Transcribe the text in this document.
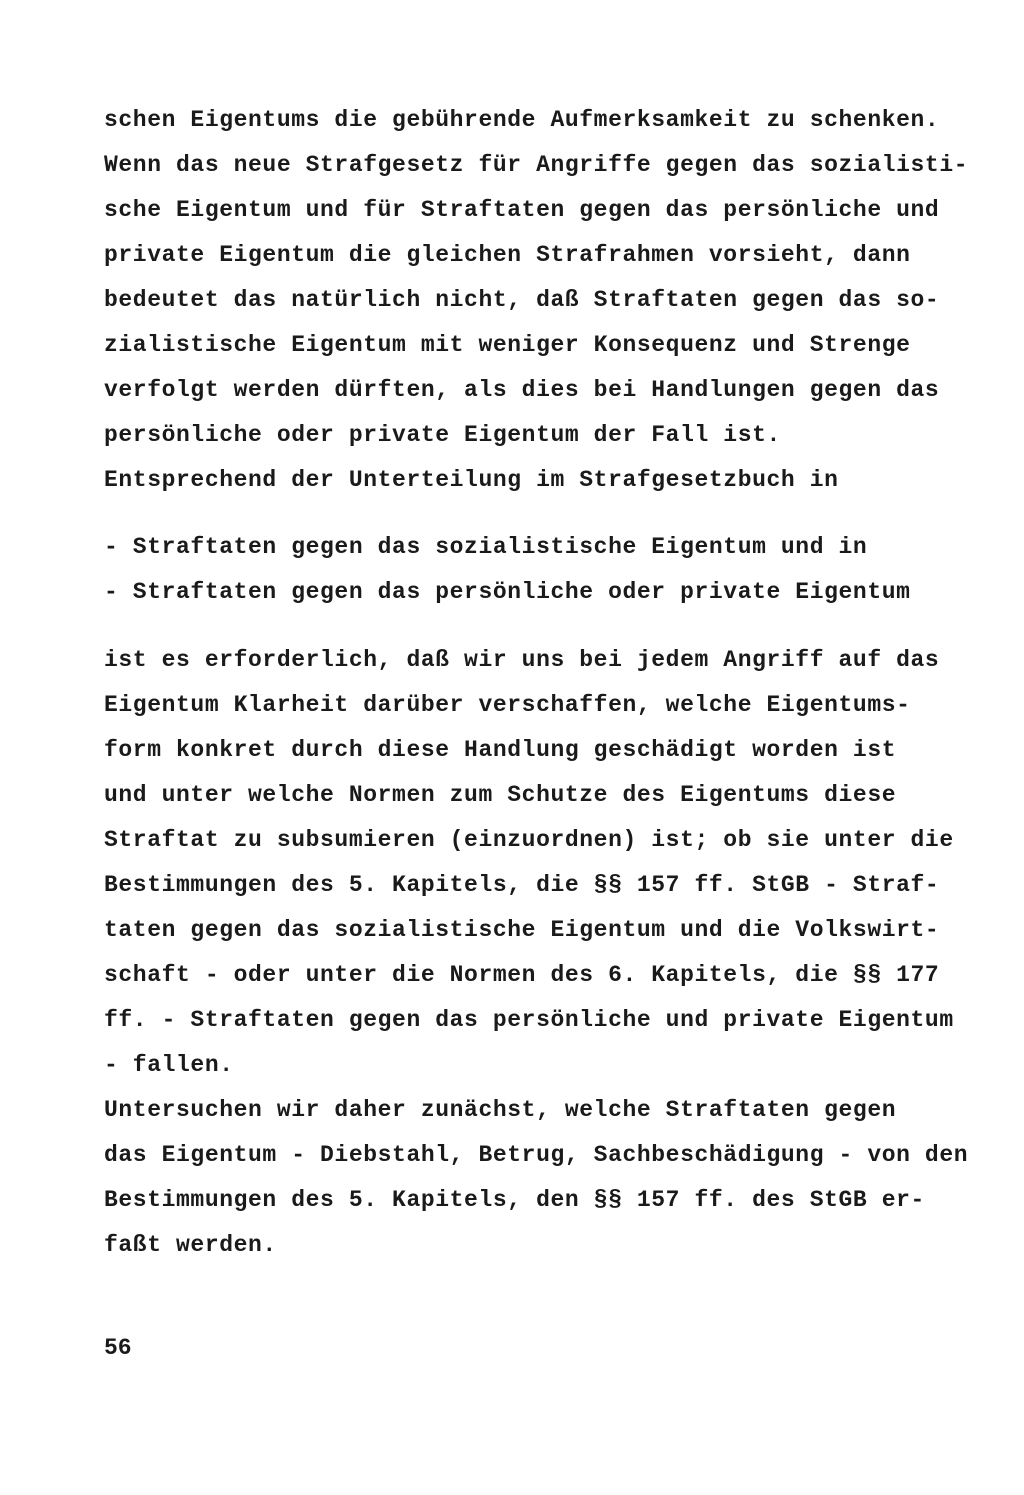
schen Eigentums die gebührende Aufmerksamkeit zu schenken.
Wenn das neue Strafgesetz für Angriffe gegen das sozialisti-
sche Eigentum und für Straftaten gegen das persönliche und
private Eigentum die gleichen Strafrahmen vorsieht, dann
bedeutet das natürlich nicht, daß Straftaten gegen das so-
zialistische Eigentum mit weniger Konsequenz und Strenge
verfolgt werden dürften, als dies bei Handlungen gegen das
persönliche oder private Eigentum der Fall ist.
Entsprechend der Unterteilung im Strafgesetzbuch in
- Straftaten gegen das sozialistische Eigentum und in
- Straftaten gegen das persönliche oder private Eigentum
ist es erforderlich, daß wir uns bei jedem Angriff auf das
Eigentum Klarheit darüber verschaffen, welche Eigentums-
form konkret durch diese Handlung geschädigt worden ist
und unter welche Normen zum Schutze des Eigentums diese
Straftat zu subsumieren (einzuordnen) ist; ob sie unter die
Bestimmungen des 5. Kapitels, die §§ 157 ff. StGB - Straf-
taten gegen das sozialistische Eigentum und die Volkswirt-
schaft - oder unter die Normen des 6. Kapitels, die §§ 177
ff. - Straftaten gegen das persönliche und private Eigentum
- fallen.
Untersuchen wir daher zunächst, welche Straftaten gegen
das Eigentum - Diebstahl, Betrug, Sachbeschädigung - von den
Bestimmungen des 5. Kapitels, den §§ 157 ff. des StGB er-
faßt werden.
56
